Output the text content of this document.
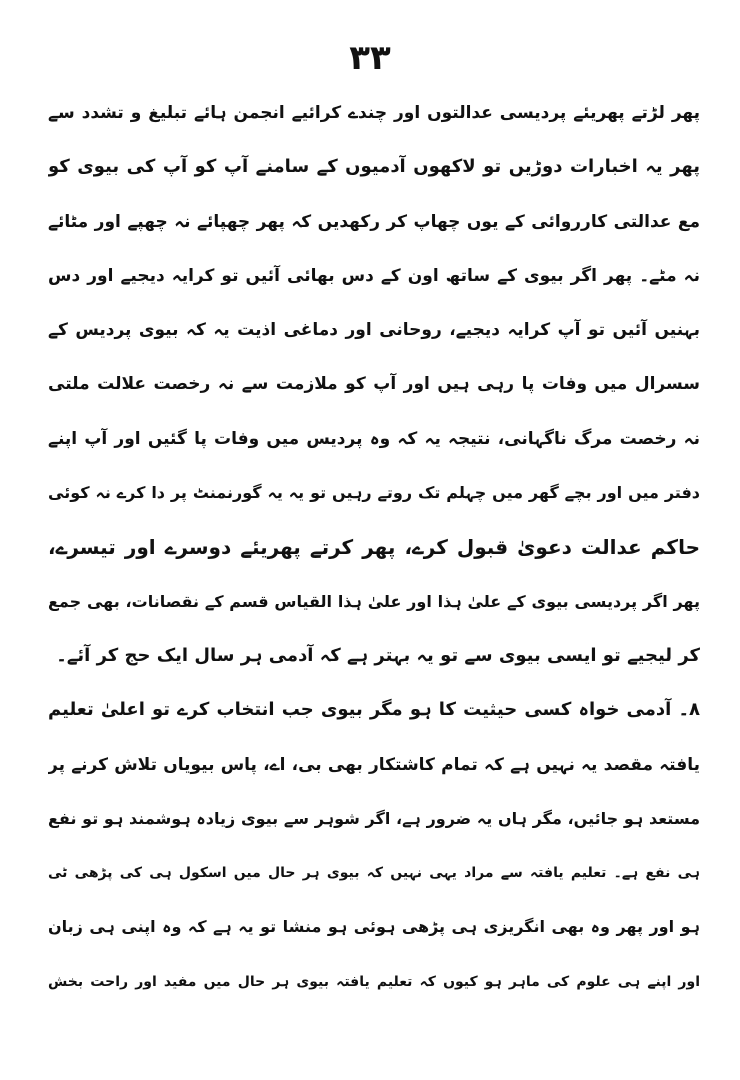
۳۳
پھر لڑتے پھریئے پردیسی عدالتوں اور چندے کرائیے انجمن ہائے تبلیغ و تشدد سے
پھر یہ اخبارات دوڑیں تو لاکھوں آدمیوں کے سامنے آپ کو آپ کی بیوی کو
مع عدالتی کارروائی کے یوں چھاپ کر رکھدیں کہ پھر چھپائے نہ چھپے اور مٹائے
نہ مٹے۔ پھر اگر بیوی کے ساتھ اون کے دس بھائی آئیں تو کرایہ دیجیے اور دس
بہنیں آئیں تو آپ کرایہ دیجیے، روحانی اور دماغی اذیت یہ کہ بیوی پردیس کے
سسرال میں وفات پا رہی ہیں اور آپ کو ملازمت سے نہ رخصت علالت ملتی
نہ رخصت مرگ ناگہانی، نتیجہ یہ کہ وہ پردیس میں وفات پا گئیں اور آپ اپنے
دفتر میں اور بچے گھر میں چہلم تک روتے رہیں تو یہ یہ گورنمنٹ پر دا کرے نہ کوئی
حاکم عدالت دعویٰ قبول کرے، پھر کرتے پھریئے دوسرے اور تیسرے،
پھر اگر پردیسی بیوی کے علیٰ ہذا اور علیٰ ہذا القیاس قسم کے نقصانات، بھی جمع
کر لیجیے تو ایسی بیوی سے تو یہ بہتر ہے کہ آدمی ہر سال ایک حج کر آئے۔
۸۔ آدمی خواہ کسی حیثیت کا ہو مگر بیوی جب انتخاب کرے تو اعلیٰ تعلیم
یافتہ مقصد یہ نہیں ہے کہ تمام کاشتکار بھی بی، اے، پاس بیویاں تلاش کرنے پر
مستعد ہو جائیں، مگر ہاں یہ ضرور ہے، اگر شوہر سے بیوی زیادہ ہوشمند ہو تو نفع
ہی نفع ہے۔ تعلیم یافتہ سے مراد یہی نہیں کہ بیوی ہر حال میں اسکول ہی کی پڑھی ٹی
ہو اور پھر وہ بھی انگریزی ہی پڑھی ہوئی ہو منشا تو یہ ہے کہ وہ اپنی ہی زبان
اور اپنے ہی علوم کی ماہر ہو کیوں کہ تعلیم یافتہ بیوی ہر حال میں مفید اور راحت بخش
